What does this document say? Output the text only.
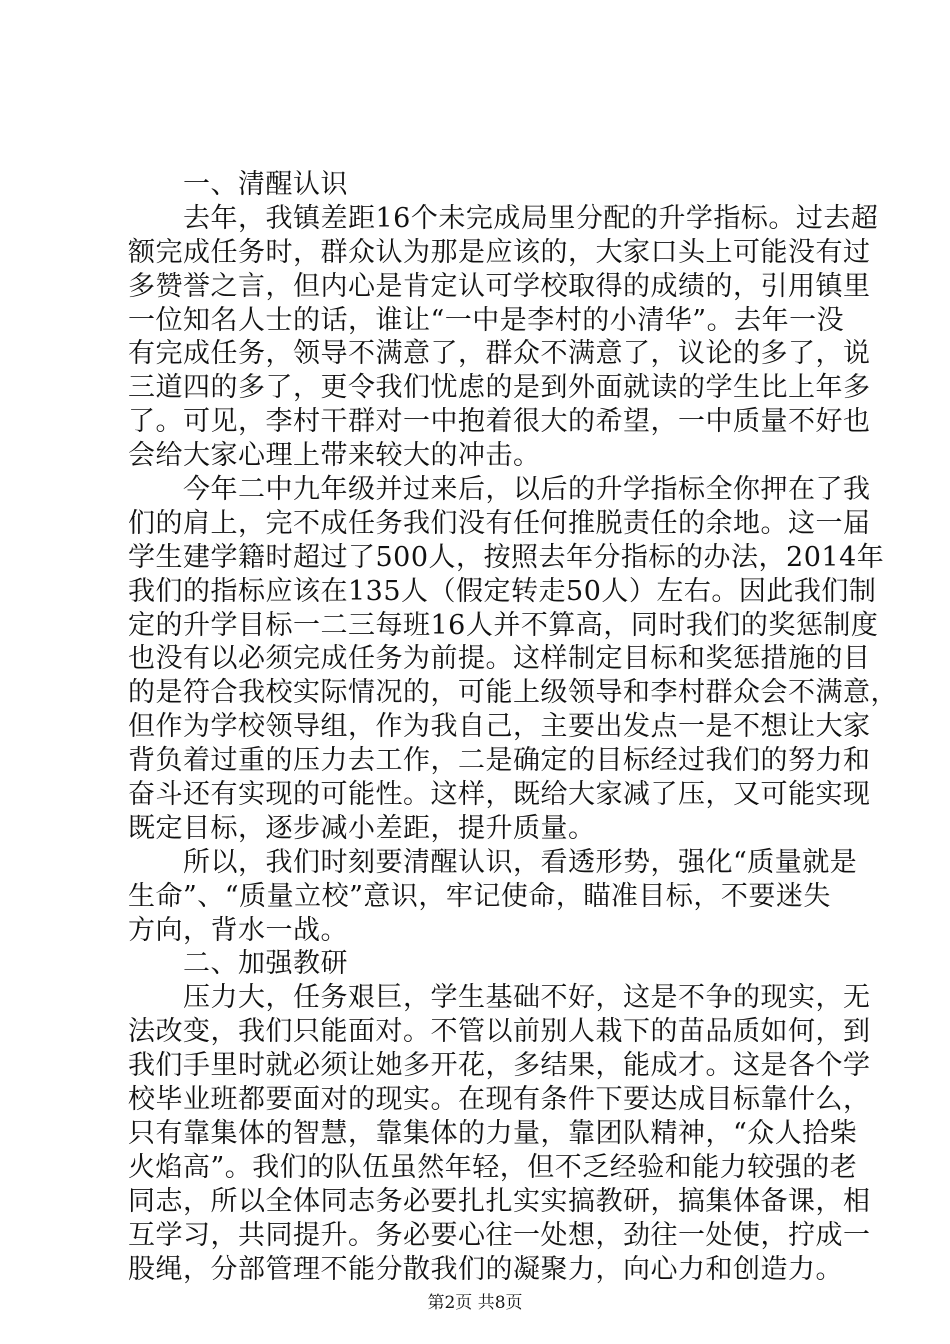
　　一、清醒认识
　　去年，我镇差距16个未完成局里分配的升学指标。过去超
额完成任务时，群众认为那是应该的，大家口头上可能没有过
多赞誉之言，但内心是肯定认可学校取得的成绩的，引用镇里
一位知名人士的话，谁让“一中是李村的小清华”。去年一没
有完成任务，领导不满意了，群众不满意了，议论的多了，说
三道四的多了，更令我们忧虑的是到外面就读的学生比上年多
了。可见，李村干群对一中抱着很大的希望，一中质量不好也
会给大家心理上带来较大的冲击。
　　今年二中九年级并过来后，以后的升学指标全你押在了我
们的肩上，完不成任务我们没有任何推脱责任的余地。这一届
学生建学籍时超过了500人，按照去年分指标的办法，2014年
我们的指标应该在135人（假定转走50人）左右。因此我们制
定的升学目标一二三每班16人并不算高，同时我们的奖惩制度
也没有以必须完成任务为前提。这样制定目标和奖惩措施的目
的是符合我校实际情况的，可能上级领导和李村群众会不满意，
但作为学校领导组，作为我自己，主要出发点一是不想让大家
背负着过重的压力去工作，二是确定的目标经过我们的努力和
奋斗还有实现的可能性。这样，既给大家减了压，又可能实现
既定目标，逐步减小差距，提升质量。
　　所以，我们时刻要清醒认识，看透形势，强化“质量就是
生命”、“质量立校”意识，牢记使命，瞄准目标，不要迷失
方向，背水一战。
　　二、加强教研
　　压力大，任务艰巨，学生基础不好，这是不争的现实，无
法改变，我们只能面对。不管以前别人栽下的苗品质如何，到
我们手里时就必须让她多开花，多结果，能成才。这是各个学
校毕业班都要面对的现实。在现有条件下要达成目标靠什么，
只有靠集体的智慧，靠集体的力量，靠团队精神，“众人拾柴
火焰高”。我们的队伍虽然年轻，但不乏经验和能力较强的老
同志，所以全体同志务必要扎扎实实搞教研，搞集体备课，相
互学习，共同提升。务必要心往一处想，劲往一处使，拧成一
股绳，分部管理不能分散我们的凝聚力，向心力和创造力。
第2页 共8页
